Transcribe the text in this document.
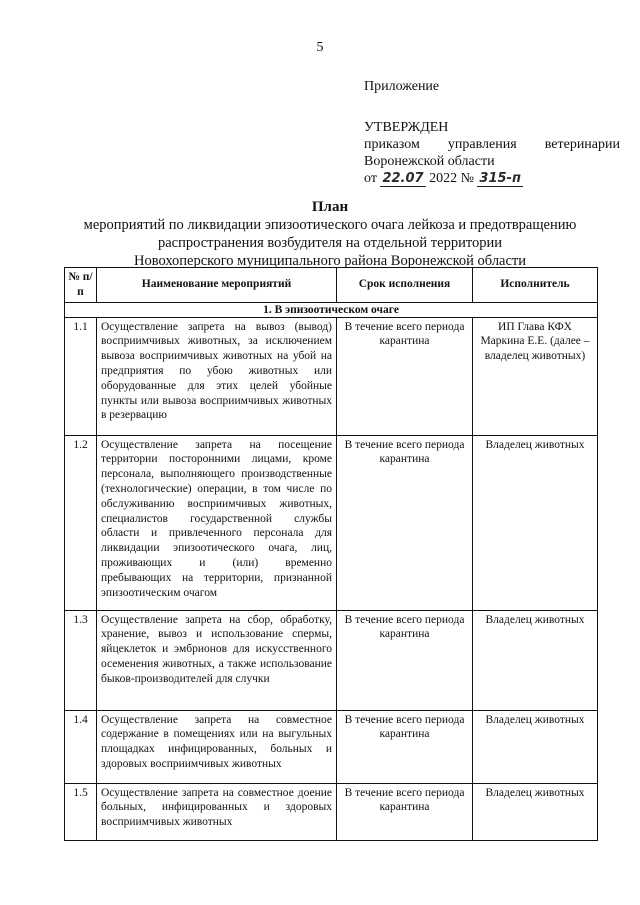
5
Приложение
УТВЕРЖДЕН
приказом управления ветеринарии
Воронежской области
от 22.07 2022 № 315-п
План
мероприятий по ликвидации эпизоотического очага лейкоза и предотвращению
распространения возбудителя на отдельной территории
Новохоперского муниципального района Воронежской области
№ п/п	Наименование мероприятий	Срок исполнения	Исполнитель
1. В эпизоотическом очаге			
1.1	Осуществление запрета на вывоз (вывод) восприимчивых животных, за исключением вывоза восприимчивых животных на убой на предприятия по убою животных или оборудованные для этих целей убойные пункты или вывоза восприимчивых животных в резервацию	В течение всего периода карантина	ИП Глава КФХ Маркина Е.Е. (далее – владелец животных)
1.2	Осуществление запрета на посещение территории посторонними лицами, кроме персонала, выполняющего производственные (технологические) операции, в том числе по обслуживанию восприимчивых животных, специалистов государственной службы области и привлеченного персонала для ликвидации эпизоотического очага, лиц, проживающих и (или) временно пребывающих на территории, признанной эпизоотическим очагом	В течение всего периода карантина	Владелец животных
1.3	Осуществление запрета на сбор, обработку, хранение, вывоз и использование спермы, яйцеклеток и эмбрионов для искусственного осеменения животных, а также использование быков-производителей для случки	В течение всего периода карантина	Владелец животных
1.4	Осуществление запрета на совместное содержание в помещениях или на выгульных площадках инфицированных, больных и здоровых восприимчивых животных	В течение всего периода карантина	Владелец животных
1.5	Осуществление запрета на совместное доение больных, инфицированных и здоровых восприимчивых животных	В течение всего периода карантина	Владелец животных
